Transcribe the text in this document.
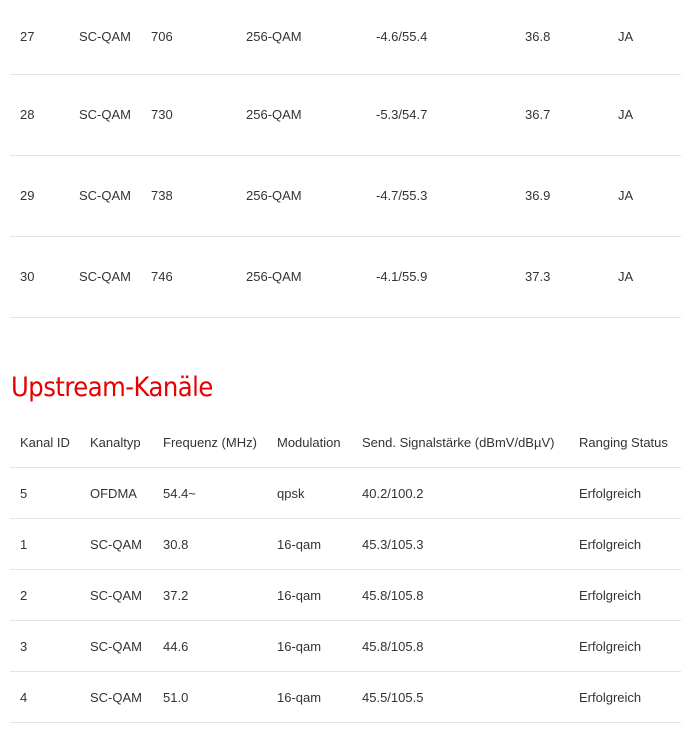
27	SC-QAM	706	256-QAM	-4.6/55.4	36.8	JA
28	SC-QAM	730	256-QAM	-5.3/54.7	36.7	JA
29	SC-QAM	738	256-QAM	-4.7/55.3	36.9	JA
30	SC-QAM	746	256-QAM	-4.1/55.9	37.3	JA
Upstream-Kanäle
Kanal ID	Kanaltyp	Frequenz (MHz)	Modulation	Send. Signalstärke (dBmV/dBµV)	Ranging Status
5	OFDMA	54.4~	qpsk	40.2/100.2	Erfolgreich
1	SC-QAM	30.8	16-qam	45.3/105.3	Erfolgreich
2	SC-QAM	37.2	16-qam	45.8/105.8	Erfolgreich
3	SC-QAM	44.6	16-qam	45.8/105.8	Erfolgreich
4	SC-QAM	51.0	16-qam	45.5/105.5	Erfolgreich
